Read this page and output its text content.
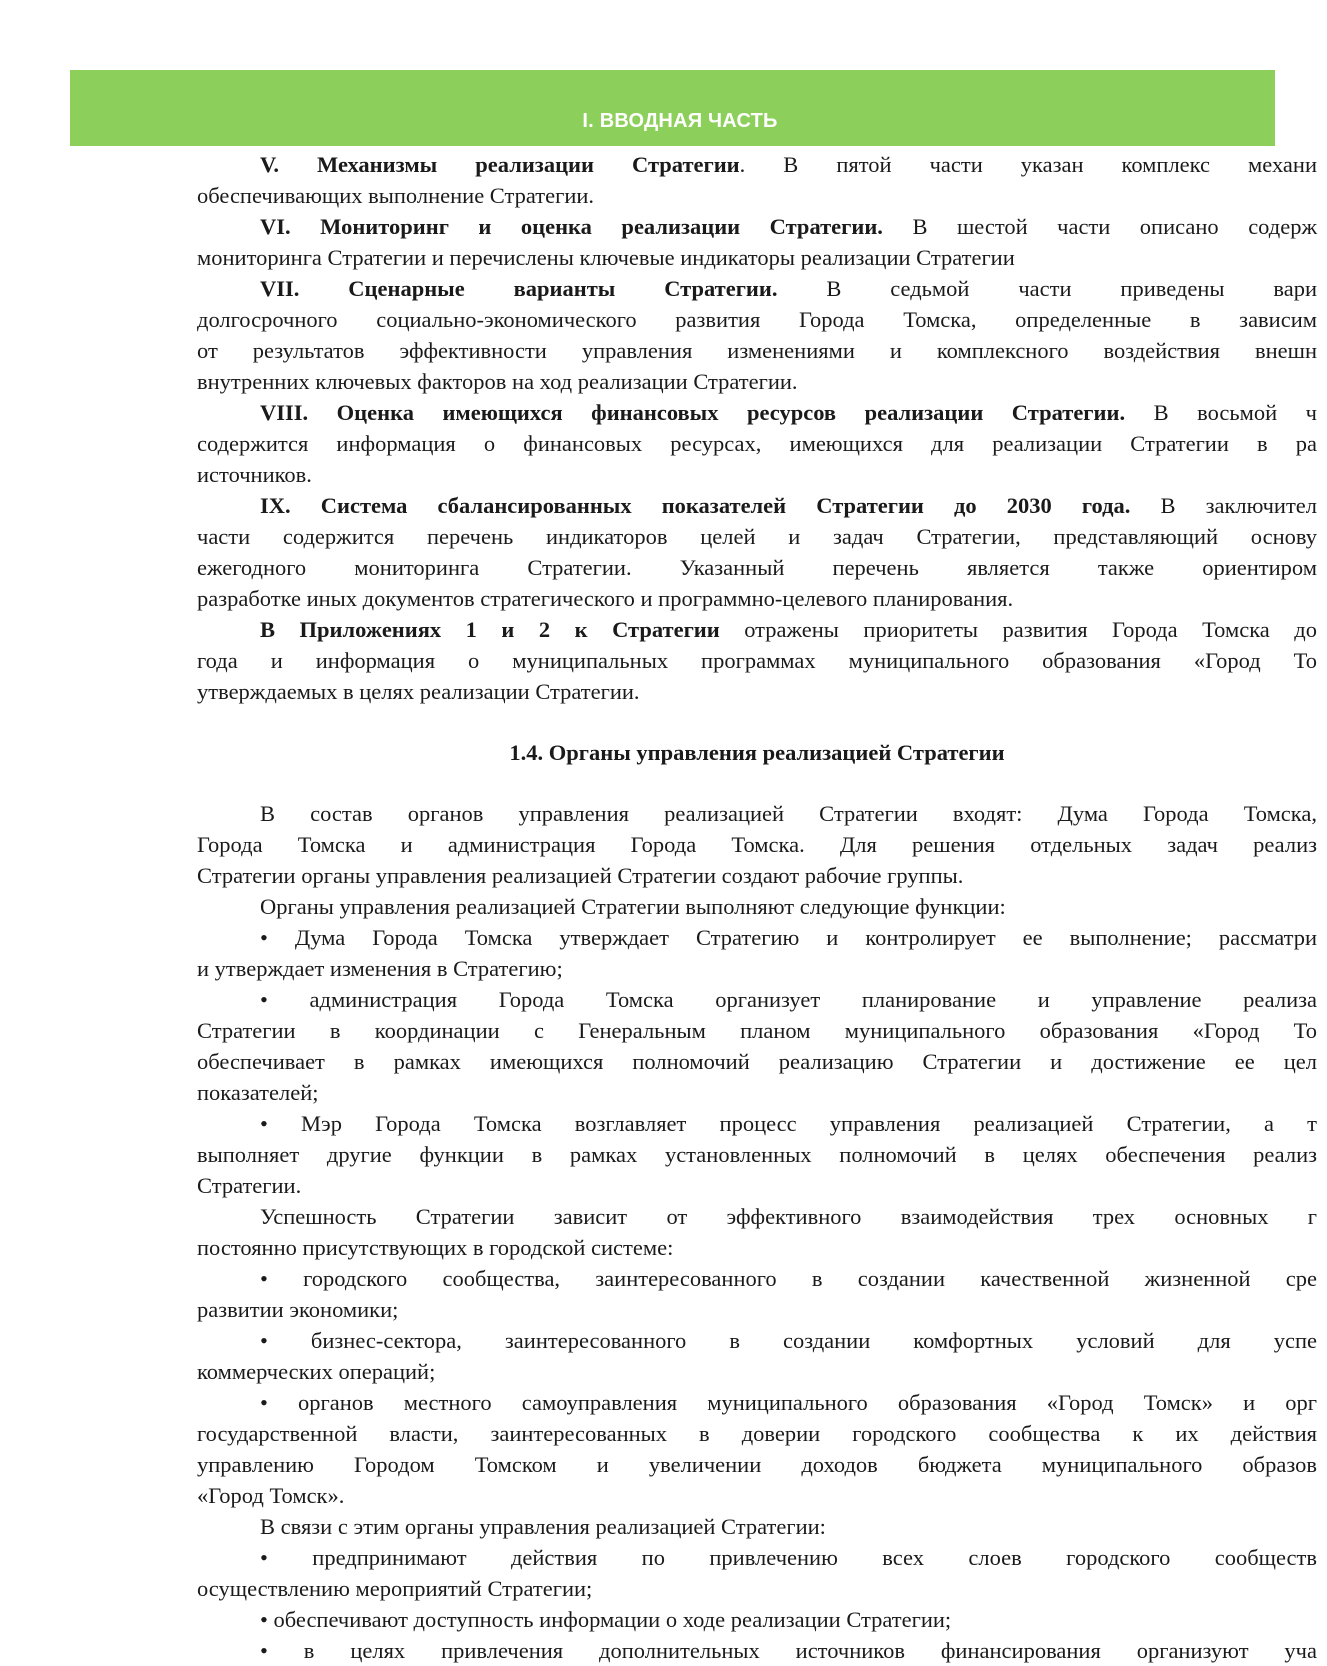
I. ВВОДНАЯ ЧАСТЬ
V. Механизмы реализации Стратегии. В пятой части указан комплекс механи
обеспечивающих выполнение Стратегии.
VI. Мониторинг и оценка реализации Стратегии. В шестой части описано содерж
мониторинга Стратегии и перечислены ключевые индикаторы реализации Стратегии
VII. Сценарные варианты Стратегии. В седьмой части приведены вари
долгосрочного социально-экономического развития Города Томска, определенные в зависим
от результатов эффективности управления изменениями и комплексного воздействия внешн
внутренних ключевых факторов на ход реализации Стратегии.
VIII. Оценка имеющихся финансовых ресурсов реализации Стратегии. В восьмой ч
содержится информация о финансовых ресурсах, имеющихся для реализации Стратегии в ра
источников.
IX. Система сбалансированных показателей Стратегии до 2030 года. В заключител
части содержится перечень индикаторов целей и задач Стратегии, представляющий основу
ежегодного мониторинга Стратегии. Указанный перечень является также ориентиром
разработке иных документов стратегического и программно-целевого планирования.
В Приложениях 1 и 2 к Стратегии отражены приоритеты развития Города Томска до
года и информация о муниципальных программах муниципального образования «Город То
утверждаемых в целях реализации Стратегии.
1.4. Органы управления реализацией Стратегии
В состав органов управления реализацией Стратегии входят: Дума Города Томска,
Города Томска и администрация Города Томска. Для решения отдельных задач реализ
Стратегии органы управления реализацией Стратегии создают рабочие группы.
Органы управления реализацией Стратегии выполняют следующие функции:
• Дума Города Томска утверждает Стратегию и контролирует ее выполнение; рассматри
и утверждает изменения в Стратегию;
• администрация Города Томска организует планирование и управление реализа
Стратегии в координации с Генеральным планом муниципального образования «Город То
обеспечивает в рамках имеющихся полномочий реализацию Стратегии и достижение ее цел
показателей;
• Мэр Города Томска возглавляет процесс управления реализацией Стратегии, а т
выполняет другие функции в рамках установленных полномочий в целях обеспечения реализ
Стратегии.
Успешность Стратегии зависит от эффективного взаимодействия трех основных г
постоянно присутствующих в городской системе:
• городского сообщества, заинтересованного в создании качественной жизненной сре
развитии экономики;
• бизнес-сектора, заинтересованного в создании комфортных условий для успе
коммерческих операций;
• органов местного самоуправления муниципального образования «Город Томск» и орг
государственной власти, заинтересованных в доверии городского сообщества к их действия
управлению Городом Томском и увеличении доходов бюджета муниципального образов
«Город Томск».
В связи с этим органы управления реализацией Стратегии:
• предпринимают действия по привлечению всех слоев городского сообществ
осуществлению мероприятий Стратегии;
• обеспечивают доступность информации о ходе реализации Стратегии;
• в целях привлечения дополнительных источников финансирования организуют уча
